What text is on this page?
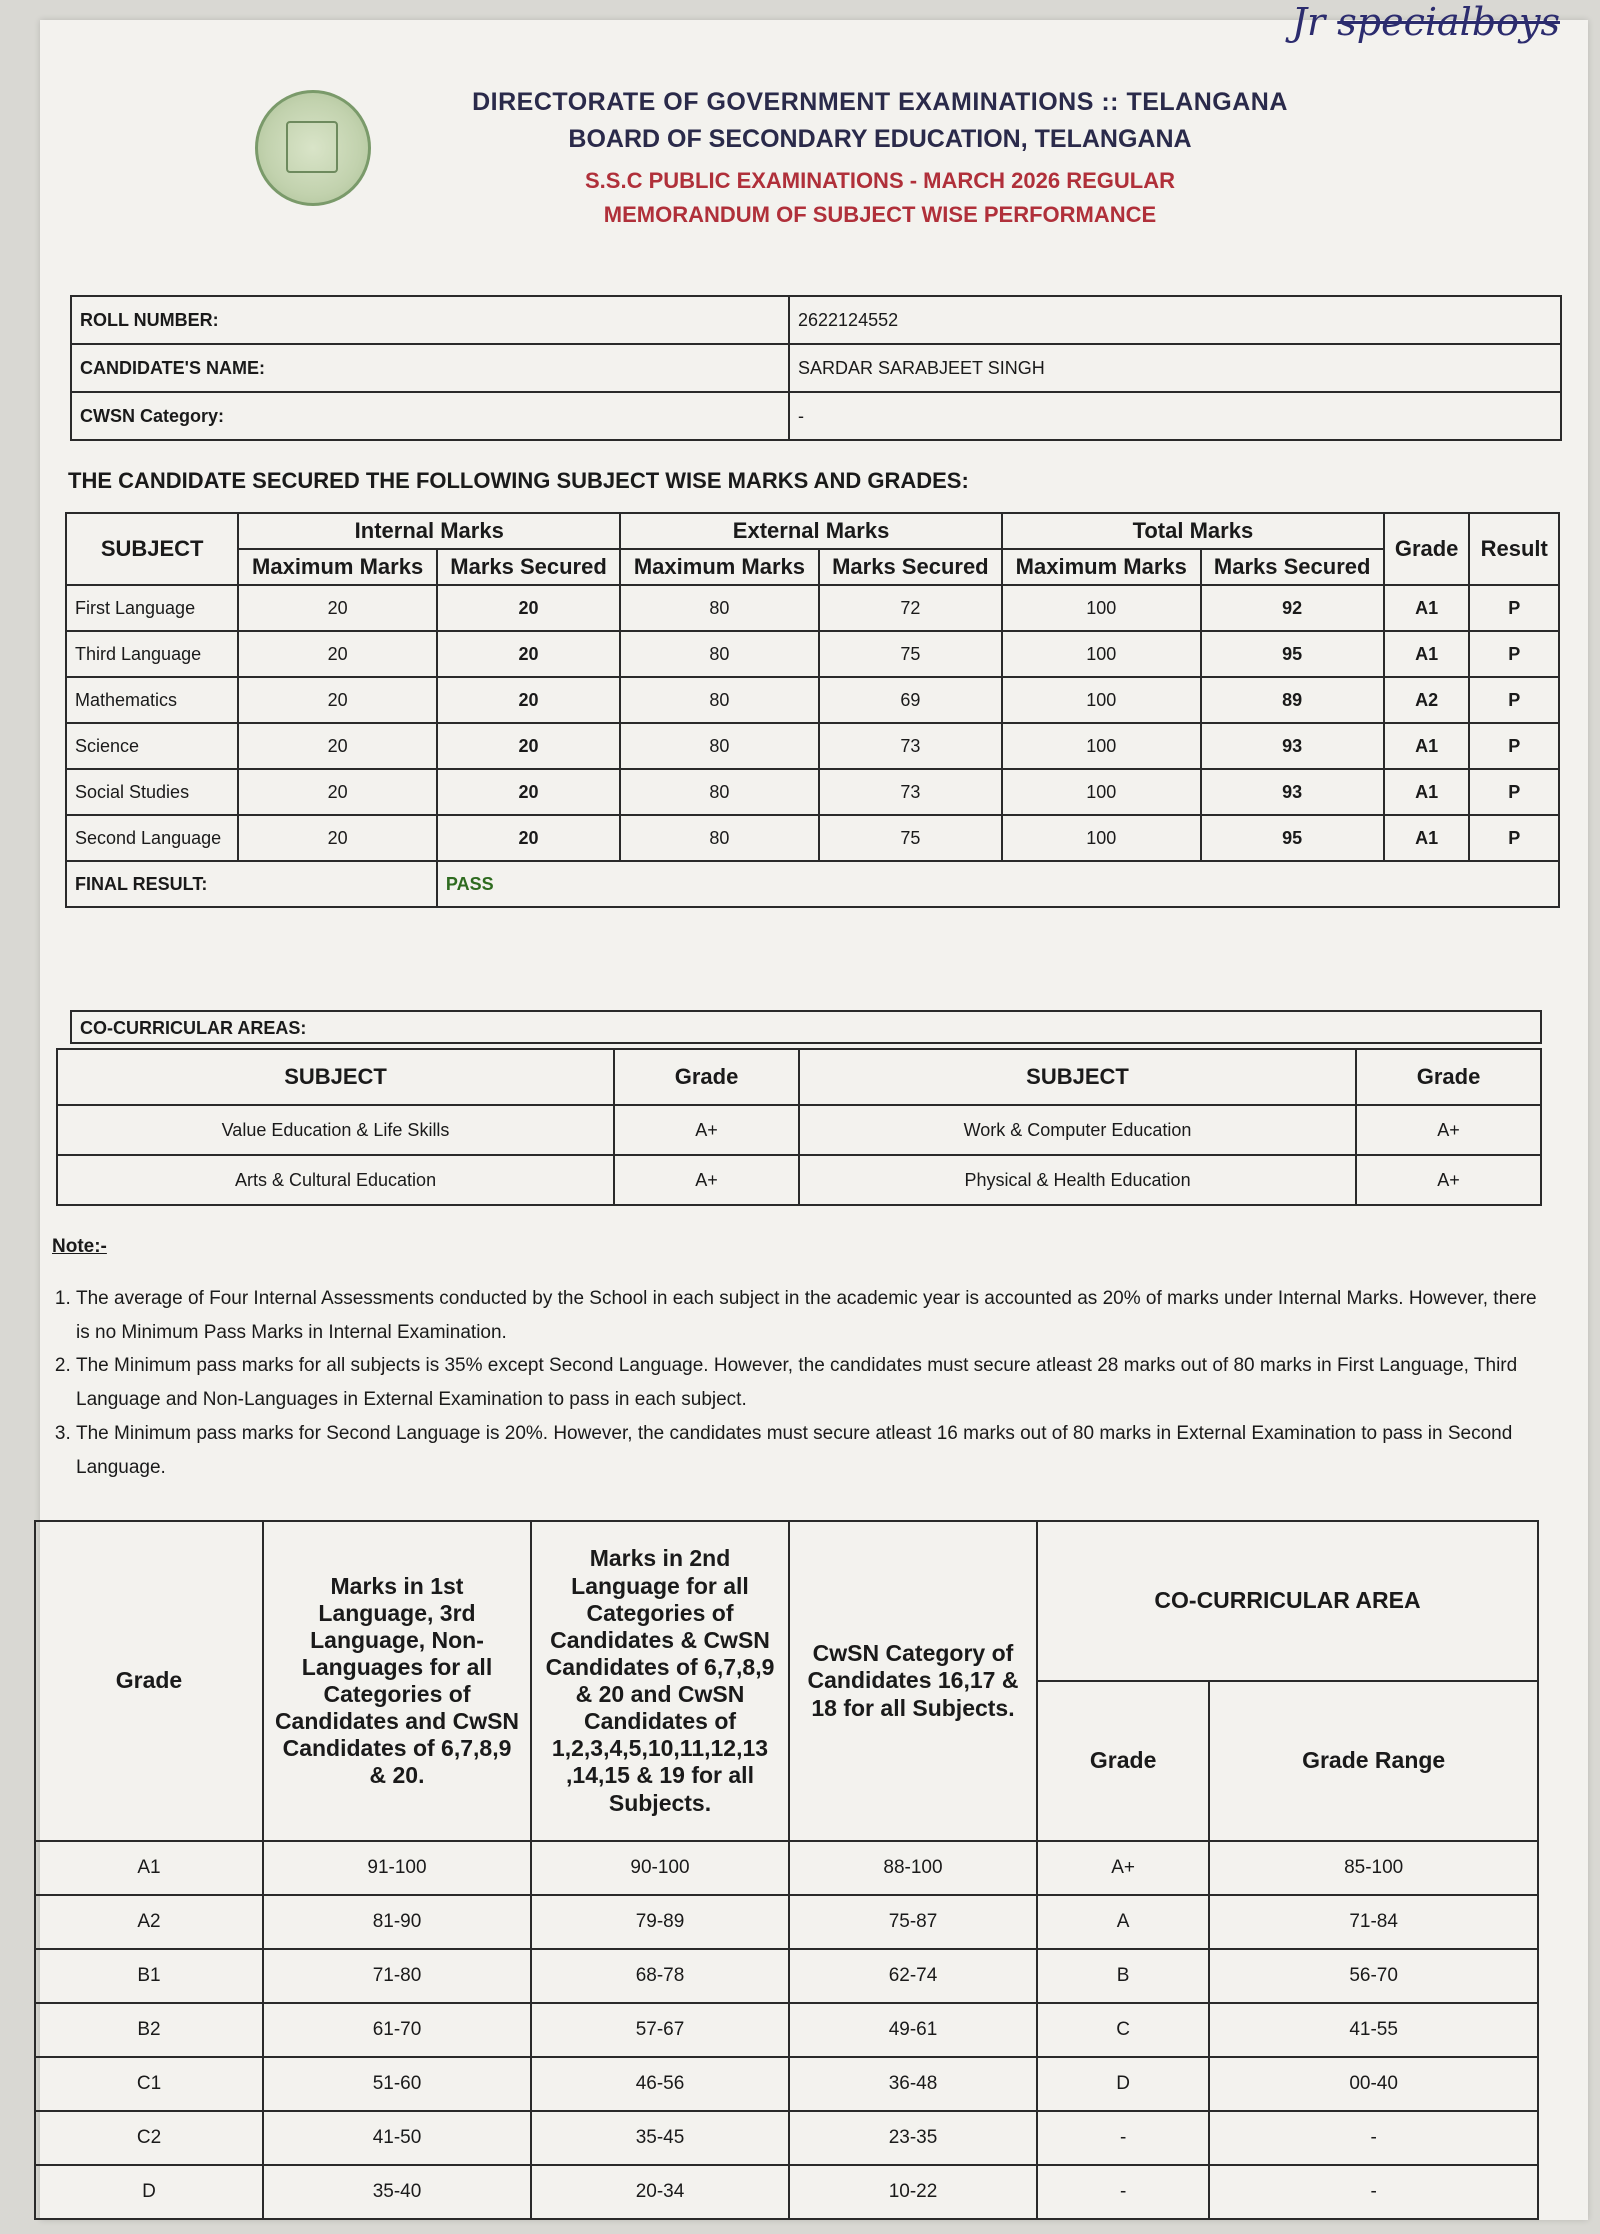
Jr specialboys
DIRECTORATE OF GOVERNMENT EXAMINATIONS :: TELANGANA
BOARD OF SECONDARY EDUCATION, TELANGANA
S.S.C PUBLIC EXAMINATIONS - MARCH 2026 REGULAR
MEMORANDUM OF SUBJECT WISE PERFORMANCE
ROLL NUMBER:	2622124552
CANDIDATE'S NAME:	SARDAR SARABJEET SINGH
CWSN Category:	-
THE CANDIDATE SECURED THE FOLLOWING SUBJECT WISE MARKS AND GRADES:
SUBJECT	Internal Marks		External Marks		Total Marks		Grade	Result
	Maximum Marks	Marks Secured	Maximum Marks	Marks Secured	Maximum Marks	Marks Secured		
First Language	20	20	80	72	100	92	A1	P
Third Language	20	20	80	75	100	95	A1	P
Mathematics	20	20	80	69	100	89	A2	P
Science	20	20	80	73	100	93	A1	P
Social Studies	20	20	80	73	100	93	A1	P
Second Language	20	20	80	75	100	95	A1	P
FINAL RESULT:		PASS						
CO-CURRICULAR AREAS:
SUBJECT	Grade	SUBJECT	Grade
Value Education & Life Skills	A+	Work & Computer Education	A+
Arts & Cultural Education	A+	Physical & Health Education	A+
Note:-
1. The average of Four Internal Assessments conducted by the School in each subject in the academic year is accounted as 20% of marks under Internal Marks. However, there is no Minimum Pass Marks in Internal Examination.
2. The Minimum pass marks for all subjects is 35% except Second Language. However, the candidates must secure atleast 28 marks out of 80 marks in First Language, Third Language and Non-Languages in External Examination to pass in each subject.
3. The Minimum pass marks for Second Language is 20%. However, the candidates must secure atleast 16 marks out of 80 marks in External Examination to pass in Second Language.
Grade	Marks in 1st Language, 3rd Language, Non-Languages for all Categories of Candidates and CwSN Candidates of 6,7,8,9 & 20.	Marks in 2nd Language for all Categories of Candidates & CwSN Candidates of 6,7,8,9 & 20 and CwSN Candidates of 1,2,3,4,5,10,11,12,13 ,14,15 & 19 for all Subjects.	CwSN Category of Candidates 16,17 & 18 for all Subjects.	CO-CURRICULAR AREA	
				Grade	Grade Range
A1	91-100	90-100	88-100	A+	85-100
A2	81-90	79-89	75-87	A	71-84
B1	71-80	68-78	62-74	B	56-70
B2	61-70	57-67	49-61	C	41-55
C1	51-60	46-56	36-48	D	00-40
C2	41-50	35-45	23-35	-	-
D	35-40	20-34	10-22	-	-
